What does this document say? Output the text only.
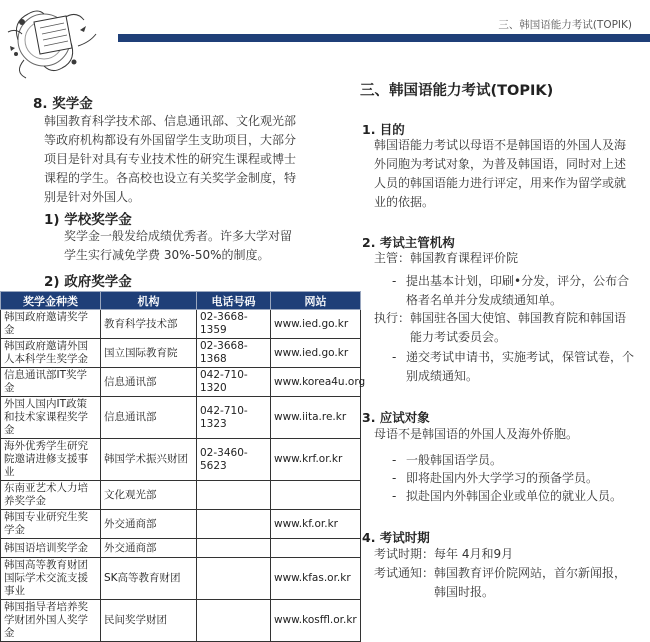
三、韩国语能力考试(TOPIK)
8. 奖学金
韩国教育科学技术部、信息通讯部、文化观光部
等政府机构都设有外国留学生支助项目，大部分
项目是针对具有专业技术性的研究生课程或博士
课程的学生。各高校也设立有关奖学金制度，特
别是针对外国人。
1) 学校奖学金
奖学金一般发给成绩优秀者。许多大学对留
学生实行减免学费 30%-50%的制度。
2) 政府奖学金
奖学金种类	机构	电话号码	网站
韩国政府邀请奖学金	教育科学技术部	02-3668-1359	www.ied.go.kr
韩国政府邀请外国人本科学生奖学金	国立国际教育院	02-3668-1368	www.ied.go.kr
信息通讯部IT奖学金	信息通讯部	042-710-1320	www.korea4u.org
外国人国内IT政策和技术家课程奖学金	信息通讯部	042-710-1323	www.iita.re.kr
海外优秀学生研究院邀请进修支援事业	韩国学术振兴财团	02-3460-5623	www.krf.or.kr
东南亚艺术人力培养奖学金	文化观光部		
韩国专业研究生奖学金	外交通商部		www.kf.or.kr
韩国语培训奖学金	外交通商部		
韩国高等教育财团国际学术交流支援事业	SK高等教育财团		www.kfas.or.kr
韩国指导者培养奖学财团外国人奖学金	民间奖学财团		www.kosffl.or.kr
三、韩国语能力考试(TOPIK)
1. 目的
韩国语能力考试以母语不是韩国语的外国人及海
外同胞为考试对象，为普及韩国语，同时对上述
人员的韩国语能力进行评定，用来作为留学或就
业的依据。
2. 考试主管机构
主管：韩国教育课程评价院
- 提出基本计划，印刷•分发，评分，公布合格者名单并分发成绩通知单。
执行： 韩国驻各国大使馆、韩国教育院和韩国语能力考试委员会。
- 递交考试申请书，实施考试，保管试卷，个别成绩通知。
3. 应试对象
母语不是韩国语的外国人及海外侨胞。
- 一般韩国语学员。
- 即将赴国内外大学学习的预备学员。
- 拟赴国内外韩国企业或单位的就业人员。
4. 考试时期
考试时期：每年 4月和9月
考试通知： 韩国教育评价院网站，首尔新闻报，韩国时报。
